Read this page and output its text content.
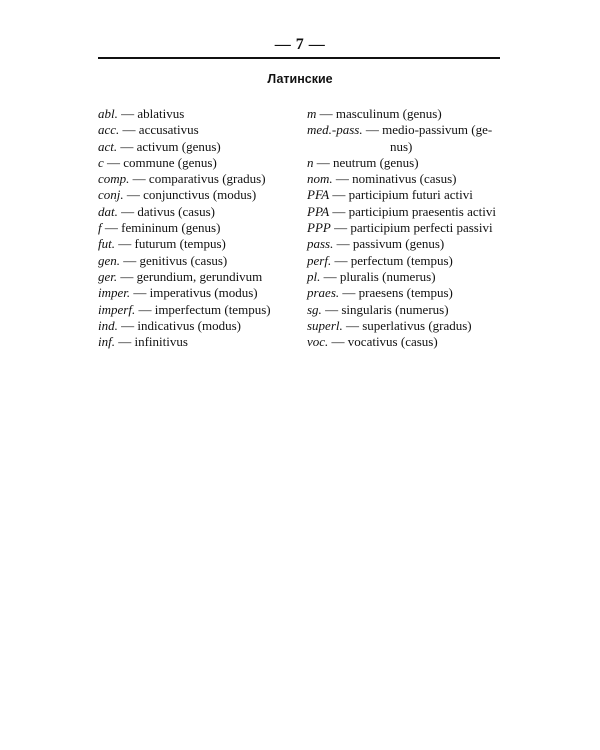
— 7 —
Латинские
abl. — ablativus
acc. — accusativus
act. — activum (genus)
c — commune (genus)
comp. — comparativus (gradus)
conj. — conjunctivus (modus)
dat. — dativus (casus)
f — femininum (genus)
fut. — futurum (tempus)
gen. — genitivus (casus)
ger. — gerundium, gerundivum
imper. — imperativus (modus)
imperf. — imperfectum (tempus)
ind. — indicativus (modus)
inf. — infinitivus
m — masculinum (genus)
med.-pass. — medio-passivum (ge-
nus)
n — neutrum (genus)
nom. — nominativus (casus)
PFA — participium futuri activi
PPA — participium praesentis activi
PPP — participium perfecti passivi
pass. — passivum (genus)
perf. — perfectum (tempus)
pl. — pluralis (numerus)
praes. — praesens (tempus)
sg. — singularis (numerus)
superl. — superlativus (gradus)
voc. — vocativus (casus)
